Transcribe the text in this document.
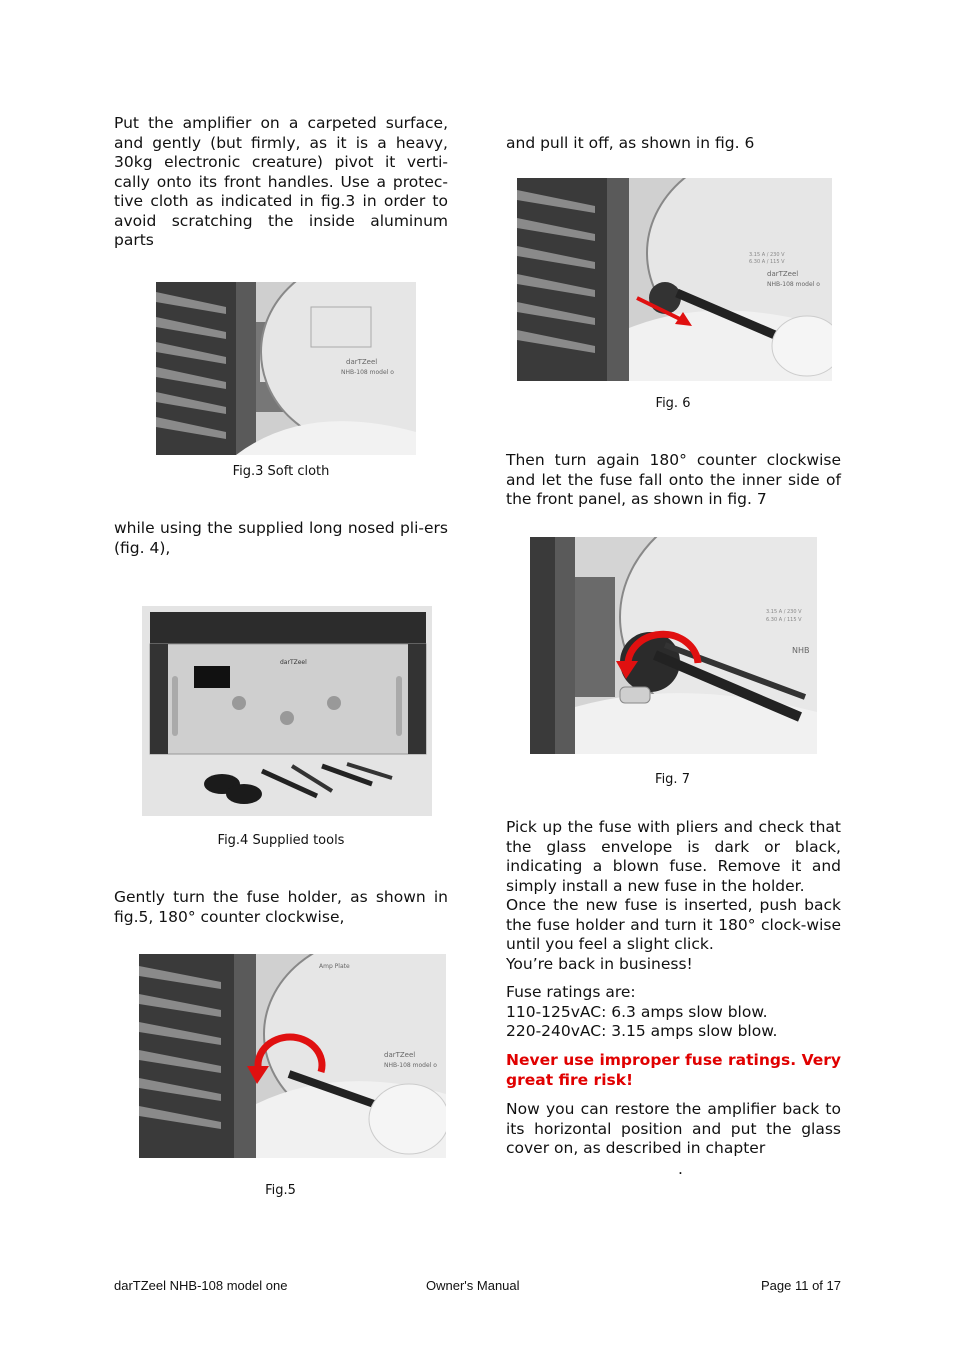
Put the amplifier on a carpeted surface, and gently (but firmly, as it is a heavy, 30kg electronic creature) pivot it verti-cally onto its front handles. Use a protec-tive cloth as indicated in fig.3 in order to avoid scratching the inside aluminum parts

darTZeel
NHB-108 model o
Fig.3 Soft cloth

while using the supplied long nosed pli-ers (fig. 4),

darTZeel
Fig.4 Supplied tools

Gently turn the fuse holder, as shown in fig.5, 180° counter clockwise,

Amp Plate
darTZeel
NHB-108 model o
Fig.5

and pull it off, as shown in fig. 6

darTZeel
NHB-108 model o
3.15 A / 230 V
6.30 A / 115 V
Fig. 6

Then turn again 180° counter clockwise and let the fuse fall onto the inner side of the front panel, as shown in fig. 7

3.15 A / 230 V
6.30 A / 115 V
NHB
Fig. 7

Pick up the fuse with pliers and check that the glass envelope is dark or black, indicating a blown fuse. Remove it and simply install a new fuse in the holder.
Once the new fuse is inserted, push back the fuse holder and turn it 180° clock-wise until you feel a slight click.
You’re back in business!

Fuse ratings are:
110-125vAC: 6.3 amps slow blow.
220-240vAC: 3.15 amps slow blow.

Never use improper fuse ratings. Very great fire risk!

Now you can restore the amplifier back to its horizontal position and put the glass cover on, as described in chapter

.
darTZeel NHB-108 model one	Owner's Manual	Page 11 of 17
